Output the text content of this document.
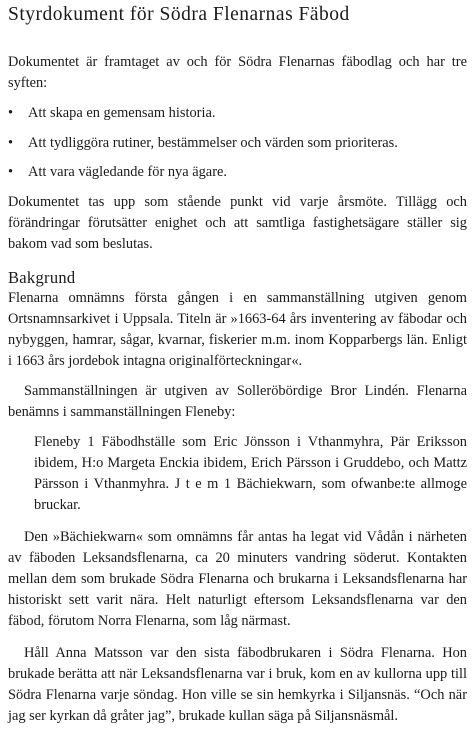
Styrdokument för Södra Flenarnas Fäbod

Dokumentet är framtaget av och för Södra Flenarnas fäbodlag och har tre syften:

• Att skapa en gemensam historia.
• Att tydliggöra rutiner, bestämmelser och värden som prioriteras.
• Att vara vägledande för nya ägare.

Dokumentet tas upp som stående punkt vid varje årsmöte. Tillägg och förändringar förutsätter enighet och att samtliga fastighetsägare ställer sig bakom vad som beslutas.

Bakgrund

Flenarna omnämns första gången i en sammanställning utgiven genom Ortsnamnsarkivet i Uppsala. Titeln är »1663-64 års inventering av fäbodar och nybyggen, hamrar, sågar, kvarnar, fiskerier m.m. inom Kopparbergs län. Enligt i 1663 års jordebok intagna originalförteckningar«.

Sammanställningen är utgiven av Solleröbördige Bror Lindén. Flenarna benämns i sammanställningen Fleneby:

Fleneby 1 Fäbodhställe som Eric Jönsson i Vthanmyhra, Pär Eriksson ibidem, H:o Margeta Enckia ibidem, Erich Pärsson i Gruddebo, och Mattz Pärsson i Vthanmyhra. J t e m 1 Bächiekwarn, som ofwanbe:te allmoge bruckar.

Den »Bächiekwarn« som omnämns får antas ha legat vid Vådån i närheten av fäboden Leksandsflenarna, ca 20 minuters vandring söderut. Kontakten mellan dem som brukade Södra Flenarna och brukarna i Leksandsflenarna har historiskt sett varit nära. Helt naturligt eftersom Leksandsflenarna var den fäbod, förutom Norra Flenarna, som låg närmast.

Håll Anna Matsson var den sista fäbodbrukaren i Södra Flenarna. Hon brukade berätta att när Leksandsflenarna var i bruk, kom en av kullorna upp till Södra Flenarna varje söndag. Hon ville se sin hemkyrka i Siljansnäs. “Och när jag ser kyrkan då gråter jag”, brukade kullan säga på Siljansnäsmål.
